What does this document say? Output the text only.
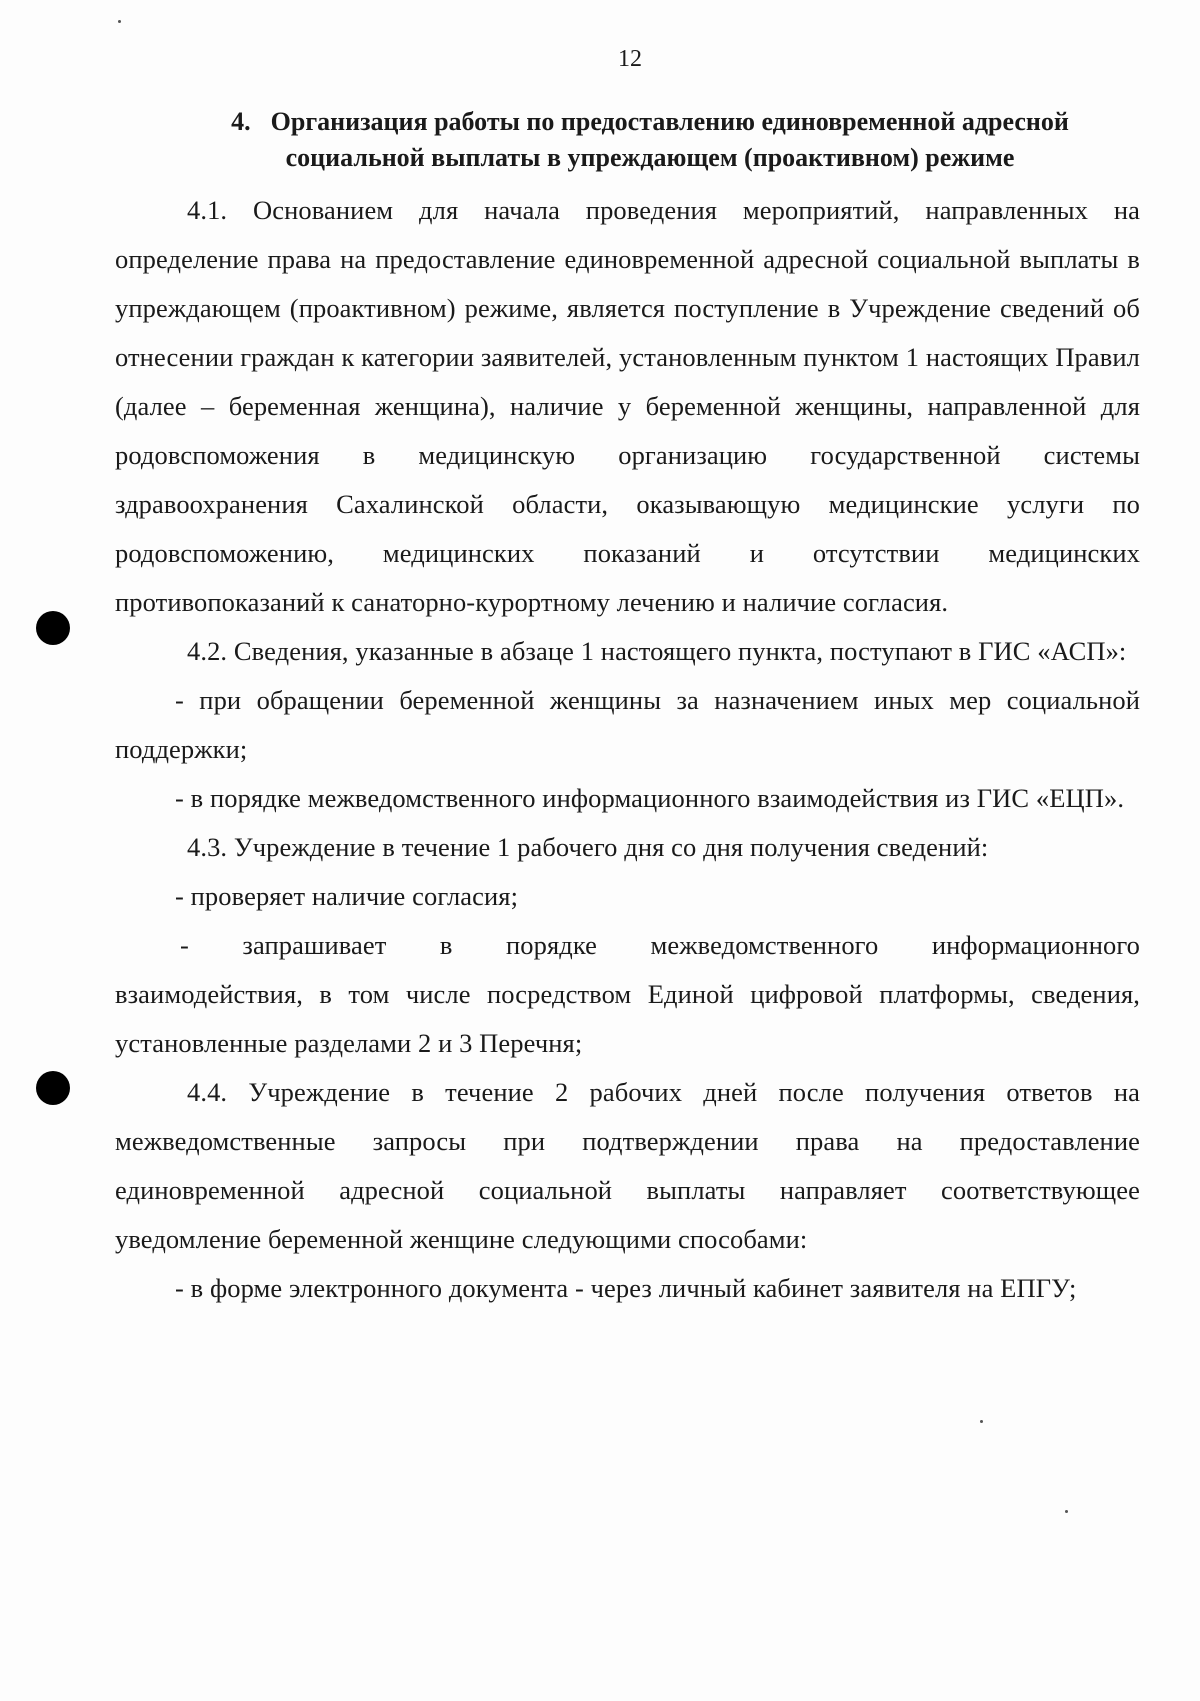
12
4. Организация работы по предоставлению единовременной адресной
социальной выплаты в упреждающем (проактивном) режиме

4.1. Основанием для начала проведения мероприятий, направленных на определение права на предоставление единовременной адресной социальной выплаты в упреждающем (проактивном) режиме, является поступление в Учреждение сведений об отнесении граждан к категории заявителей, установленным пунктом 1 настоящих Правил (далее – беременная женщина), наличие у беременной женщины, направленной для родовспоможения в медицинскую организацию государственной системы здравоохранения Сахалинской области, оказывающую медицинские услуги по родовспоможению, медицинских показаний и отсутствии медицинских противопоказаний к санаторно-курортному лечению и наличие согласия.

4.2. Сведения, указанные в абзаце 1 настоящего пункта, поступают в ГИС «АСП»:

- при обращении беременной женщины за назначением иных мер социальной поддержки;

- в порядке межведомственного информационного взаимодействия из ГИС «ЕЦП».

4.3. Учреждение в течение 1 рабочего дня со дня получения сведений:

- проверяет наличие согласия;

- запрашивает в порядке межведомственного информационного

взаимодействия, в том числе посредством Единой цифровой платформы, сведения, установленные разделами 2 и 3 Перечня;

4.4. Учреждение в течение 2 рабочих дней после получения ответов на межведомственные запросы при подтверждении права на предоставление единовременной адресной социальной выплаты направляет соответствующее уведомление беременной женщине следующими способами:

- в форме электронного документа - через личный кабинет заявителя на ЕПГУ;
